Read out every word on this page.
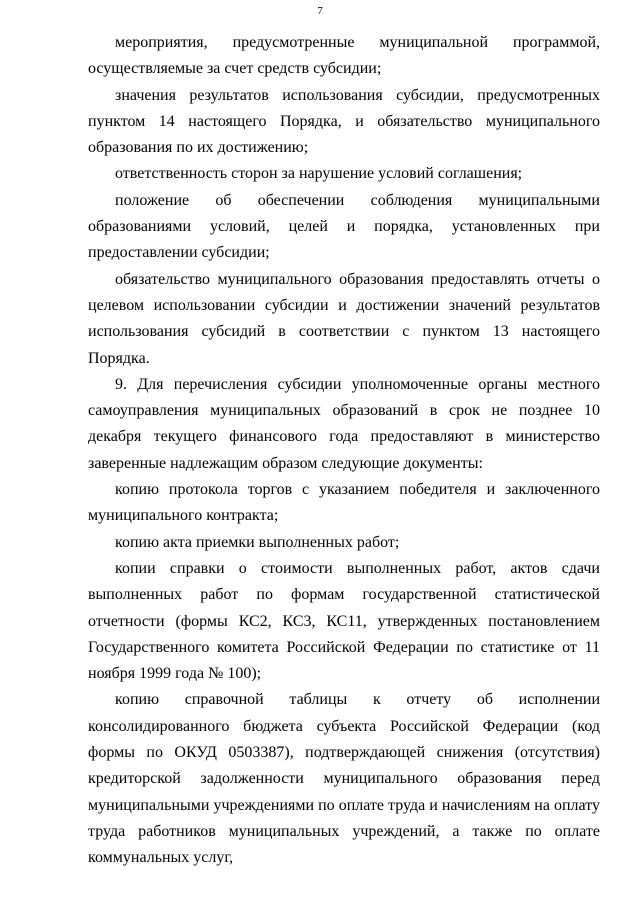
7

мероприятия, предусмотренные муниципальной программой, осуществляемые за счет средств субсидии;

значения результатов использования субсидии, предусмотренных пунктом 14 настоящего Порядка, и обязательство муниципального образования по их достижению;

ответственность сторон за нарушение условий соглашения;

положение об обеспечении соблюдения муниципальными образованиями условий, целей и порядка, установленных при предоставлении субсидии;

обязательство муниципального образования предоставлять отчеты о целевом использовании субсидии и достижении значений результатов использования субсидий в соответствии с пунктом 13 настоящего Порядка.

9. Для перечисления субсидии уполномоченные органы местного самоуправления муниципальных образований в срок не позднее 10 декабря текущего финансового года предоставляют в министерство заверенные надлежащим образом следующие документы:

копию протокола торгов с указанием победителя и заключенного муниципального контракта;

копию акта приемки выполненных работ;

копии справки о стоимости выполненных работ, актов сдачи выполненных работ по формам государственной статистической отчетности (формы КС2, КС3, КС11, утвержденных постановлением Государственного комитета Российской Федерации по статистике от 11 ноября 1999 года № 100);

копию справочной таблицы к отчету об исполнении консолидированного бюджета субъекта Российской Федерации (код формы по ОКУД 0503387), подтверждающей снижения (отсутствия) кредиторской задолженности муниципального образования перед муниципальными учреждениями по оплате труда и начислениям на оплату труда работников муниципальных учреждений, а также по оплате коммунальных услуг,
